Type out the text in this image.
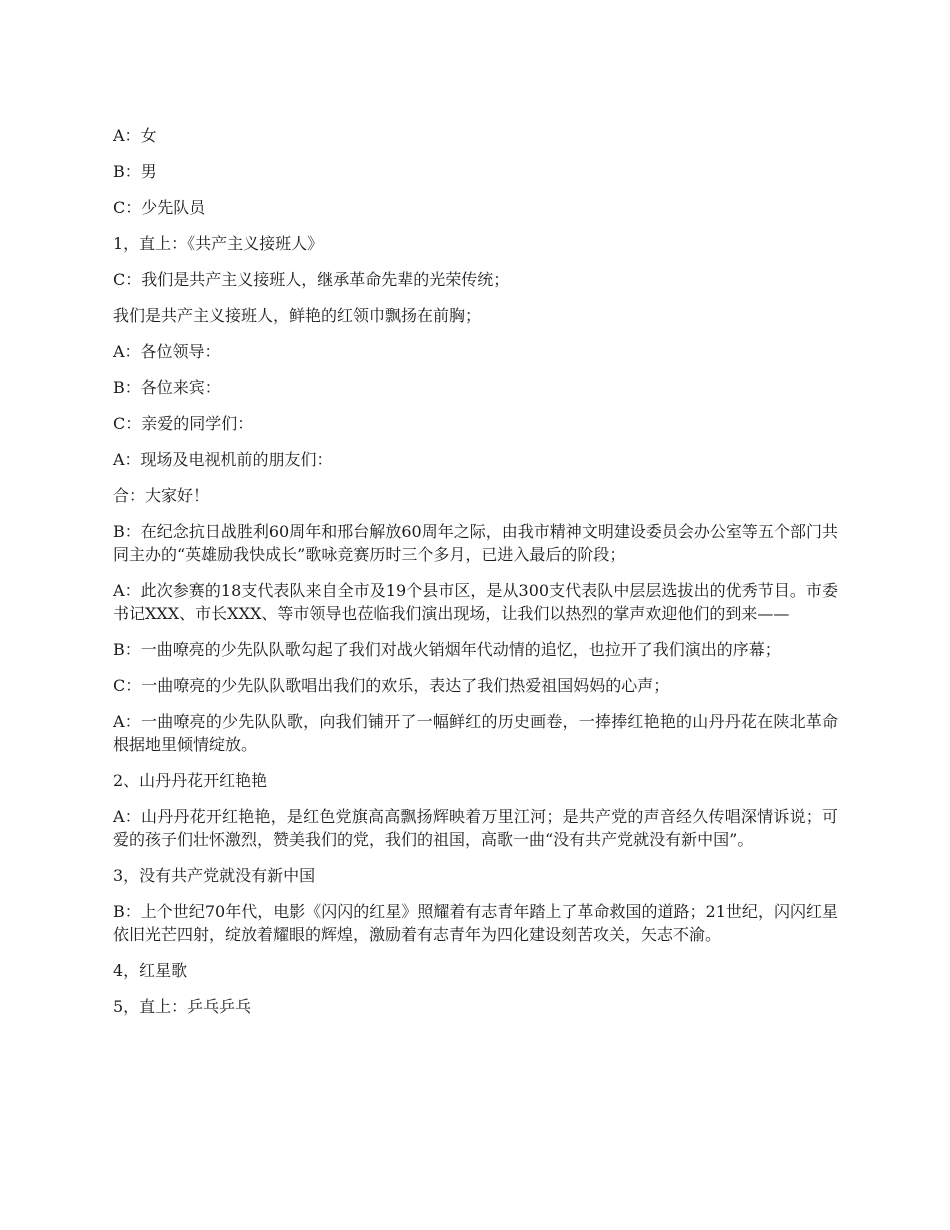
A：女

B：男

C：少先队员

1，直上：《共产主义接班人》

C：我们是共产主义接班人，继承革命先辈的光荣传统；

我们是共产主义接班人，鲜艳的红领巾飘扬在前胸；

A：各位领导：

B：各位来宾：

C：亲爱的同学们：

A：现场及电视机前的朋友们：

合：大家好！

B：在纪念抗日战胜利60周年和邢台解放60周年之际，由我市精神文明建设委员会办公室等五个部门共同主办的“英雄励我快成长”歌咏竞赛历时三个多月，已进入最后的阶段；

A：此次参赛的18支代表队来自全市及19个县市区，是从300支代表队中层层选拔出的优秀节目。市委书记XXX、市长XXX、等市领导也莅临我们演出现场，让我们以热烈的掌声欢迎他们的到来——

B：一曲嘹亮的少先队队歌勾起了我们对战火销烟年代动情的追忆，也拉开了我们演出的序幕；

C：一曲嘹亮的少先队队歌唱出我们的欢乐，表达了我们热爱祖国妈妈的心声；

A：一曲嘹亮的少先队队歌，向我们铺开了一幅鲜红的历史画卷，一捧捧红艳艳的山丹丹花在陕北革命根据地里倾情绽放。

2、山丹丹花开红艳艳

A：山丹丹花开红艳艳，是红色党旗高高飘扬辉映着万里江河；是共产党的声音经久传唱深情诉说；可爱的孩子们壮怀激烈，赞美我们的党，我们的祖国，高歌一曲“没有共产党就没有新中国”。

3，没有共产党就没有新中国

B：上个世纪70年代，电影《闪闪的红星》照耀着有志青年踏上了革命救国的道路；21世纪，闪闪红星依旧光芒四射，绽放着耀眼的辉煌，激励着有志青年为四化建设刻苦攻关，矢志不渝。

4，红星歌

5，直上：乒乓乒乓
